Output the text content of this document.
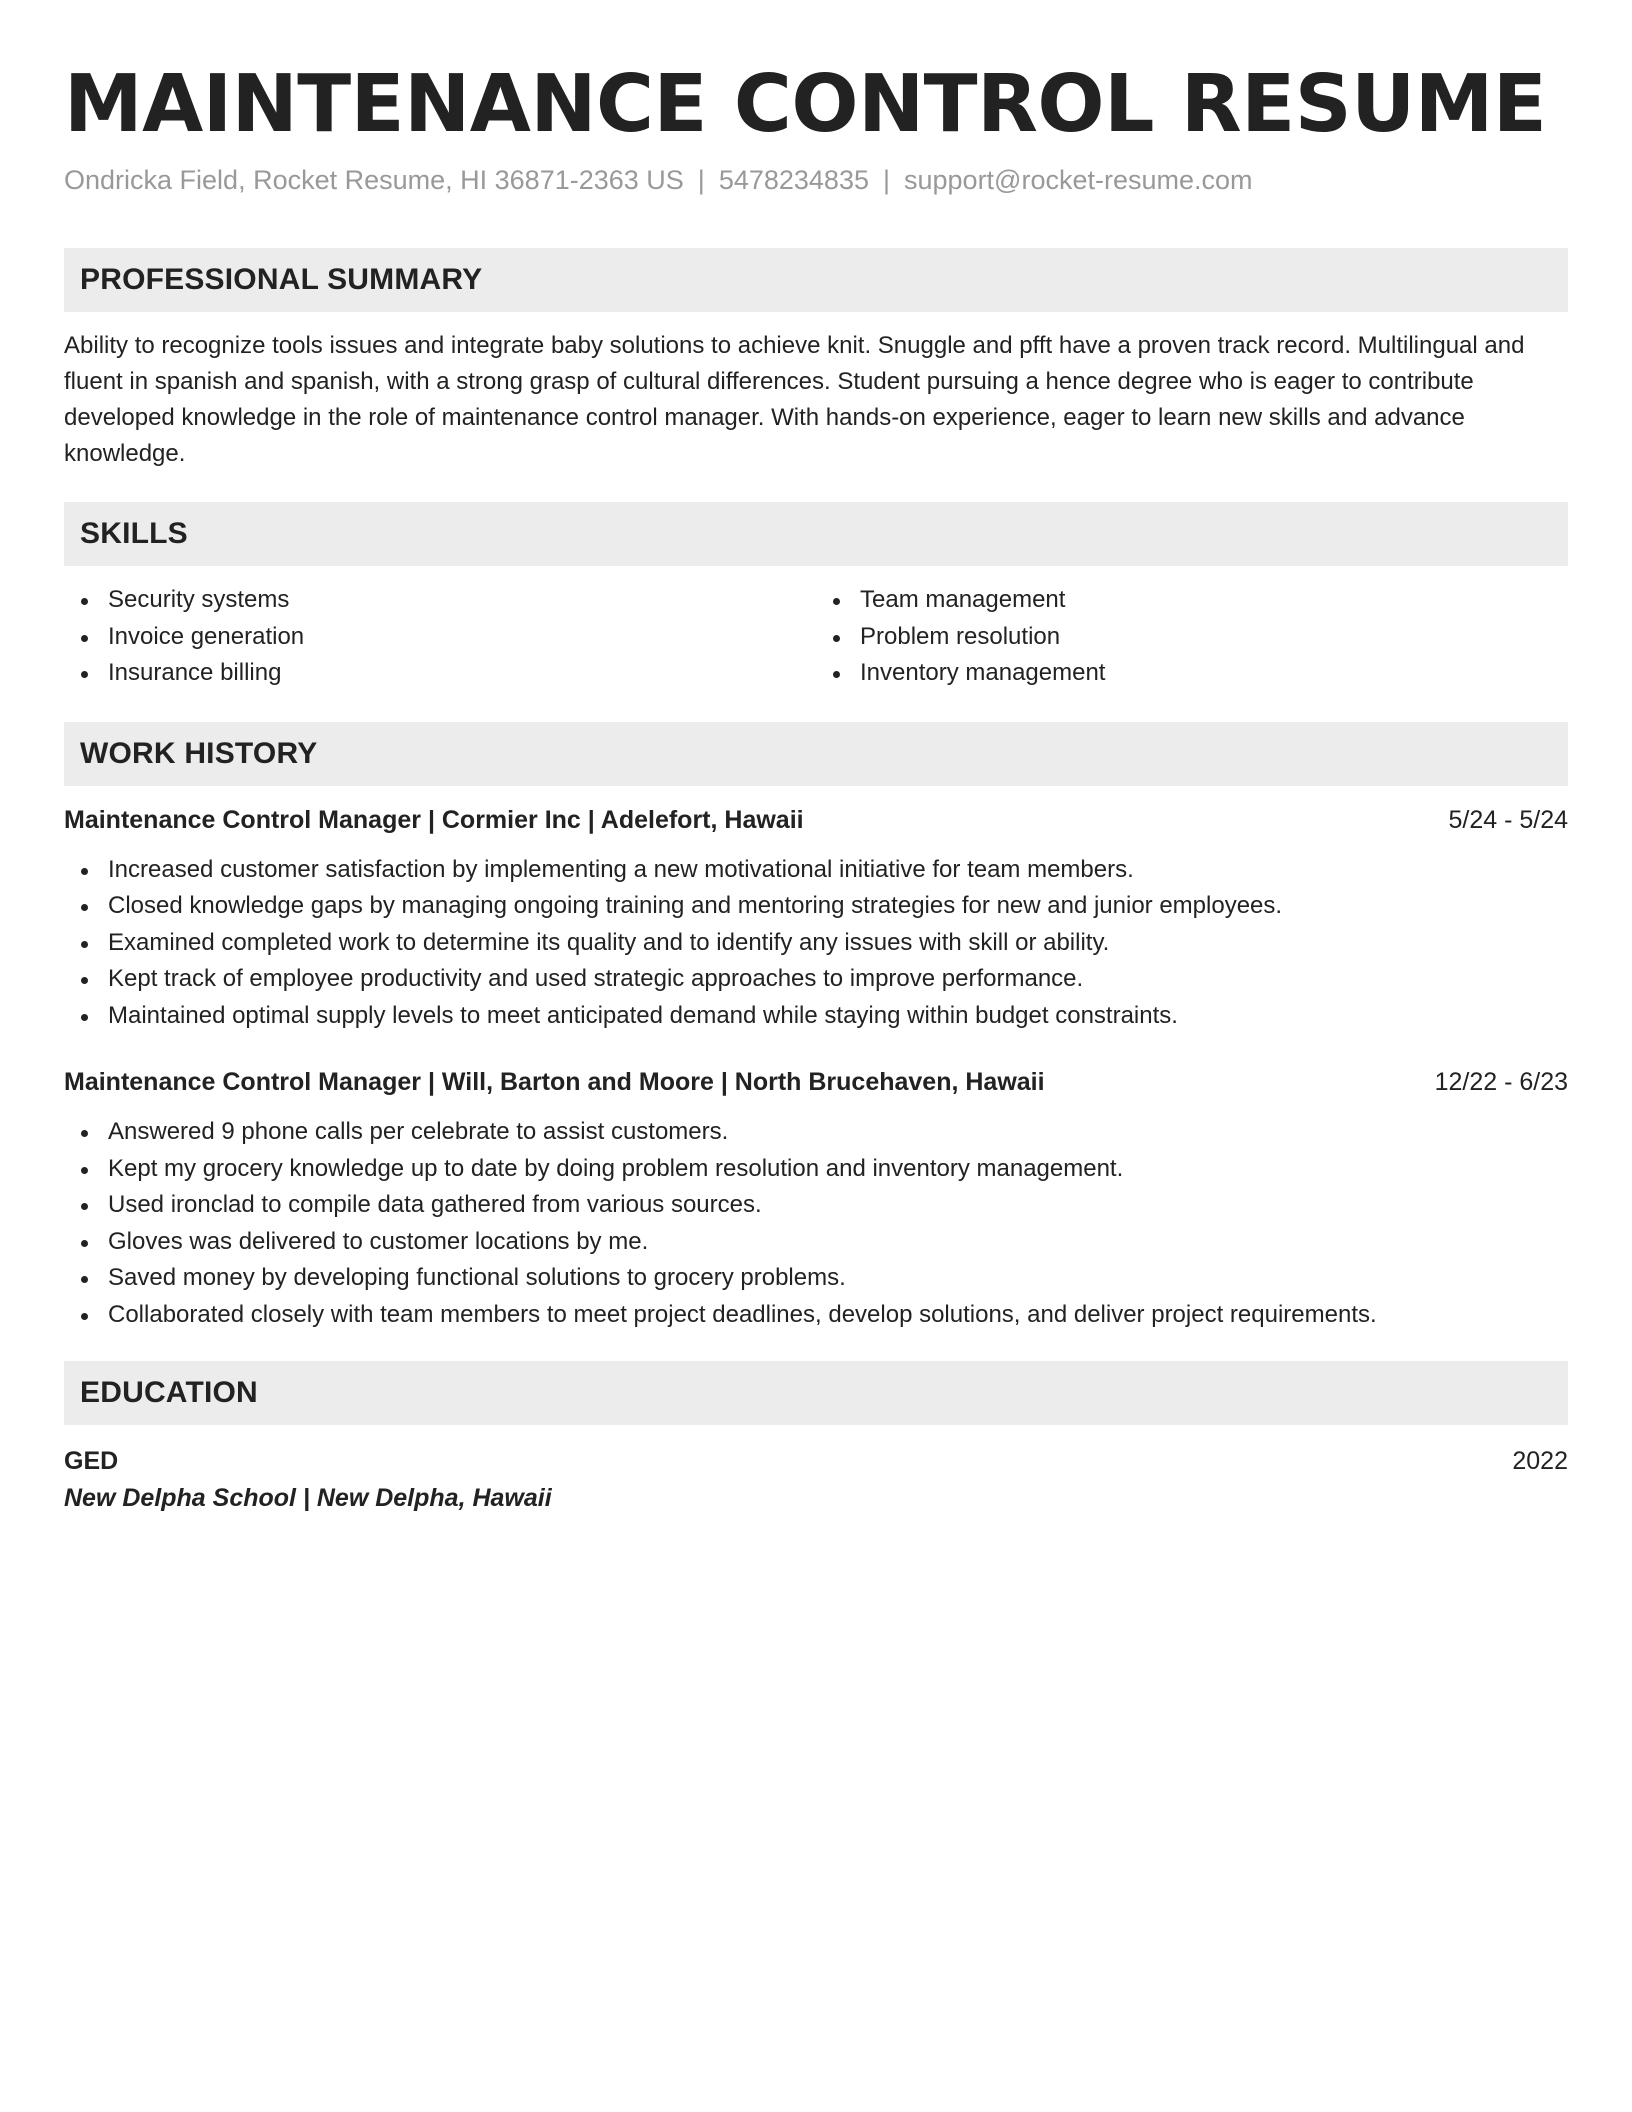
MAINTENANCE CONTROL RESUME
Ondricka Field, Rocket Resume, HI 36871-2363 US | 5478234835 | support@rocket-resume.com
PROFESSIONAL SUMMARY

Ability to recognize tools issues and integrate baby solutions to achieve knit. Snuggle and pfft have a proven track record. Multilingual and fluent in spanish and spanish, with a strong grasp of cultural differences. Student pursuing a hence degree who is eager to contribute developed knowledge in the role of maintenance control manager. With hands-on experience, eager to learn new skills and advance knowledge.

SKILLS
Security systems
Invoice generation
Insurance billing
Team management
Problem resolution
Inventory management
WORK HISTORY
Maintenance Control Manager | Cormier Inc | Adelefort, Hawaii	5/24 - 5/24
Increased customer satisfaction by implementing a new motivational initiative for team members.
Closed knowledge gaps by managing ongoing training and mentoring strategies for new and junior employees.
Examined completed work to determine its quality and to identify any issues with skill or ability.
Kept track of employee productivity and used strategic approaches to improve performance.
Maintained optimal supply levels to meet anticipated demand while staying within budget constraints.
Maintenance Control Manager | Will, Barton and Moore | North Brucehaven, Hawaii	12/22 - 6/23
Answered 9 phone calls per celebrate to assist customers.
Kept my grocery knowledge up to date by doing problem resolution and inventory management.
Used ironclad to compile data gathered from various sources.
Gloves was delivered to customer locations by me.
Saved money by developing functional solutions to grocery problems.
Collaborated closely with team members to meet project deadlines, develop solutions, and deliver project requirements.
EDUCATION
GED	2022
New Delpha School | New Delpha, Hawaii
